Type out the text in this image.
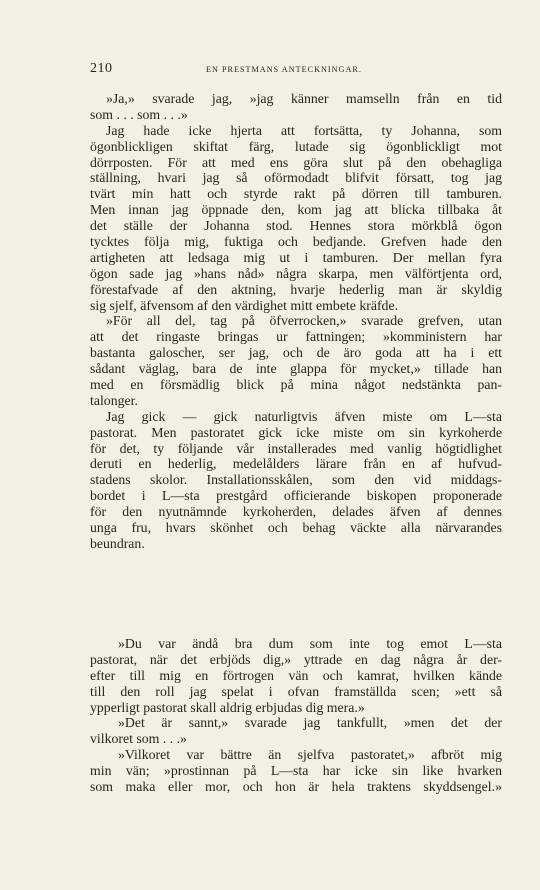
210	EN PRESTMANS ANTECKNINGAR.
»Ja,» svarade jag, »jag känner mamselln från en tid
som . . . som . . .»
Jag hade icke hjerta att fortsätta, ty Johanna, som
ögonblickligen skiftat färg, lutade sig ögonblickligt mot
dörrposten. För att med ens göra slut på den obehagliga
ställning, hvari jag så oförmodadt blifvit försatt, tog jag
tvärt min hatt och styrde rakt på dörren till tamburen.
Men innan jag öppnade den, kom jag att blicka tillbaka åt
det ställe der Johanna stod. Hennes stora mörkblå ögon
tycktes följa mig, fuktiga och bedjande. Grefven hade den
artigheten att ledsaga mig ut i tamburen. Der mellan fyra
ögon sade jag »hans nåd» några skarpa, men välförtjenta ord,
förestafvade af den aktning, hvarje hederlig man är skyldig
sig sjelf, äfvensom af den värdighet mitt embete kräfde.
»För all del, tag på öfverrocken,» svarade grefven, utan
att det ringaste bringas ur fattningen; »komministern har
bastanta galoscher, ser jag, och de äro goda att ha i ett
sådant väglag, bara de inte glappa för mycket,» tillade han
med en försmädlig blick på mina något nedstänkta pan-
talonger.
Jag gick — gick naturligtvis äfven miste om L—sta
pastorat. Men pastoratet gick icke miste om sin kyrkoherde
för det, ty följande vår installerades med vanlig högtidlighet
deruti en hederlig, medelålders lärare från en af hufvud-
stadens skolor. Installationsskålen, som den vid middags-
bordet i L—sta prestgård officierande biskopen proponerade
för den nyutnämnde kyrkoherden, delades äfven af dennes
unga fru, hvars skönhet och behag väckte alla närvarandes
beundran.
»Du var ändå bra dum som inte tog emot L—sta
pastorat, när det erbjöds dig,» yttrade en dag några år der-
efter till mig en förtrogen vän och kamrat, hvilken kände
till den roll jag spelat i ofvan framställda scen; »ett så
ypperligt pastorat skall aldrig erbjudas dig mera.»
»Det är sannt,» svarade jag tankfullt, »men det der
vilkoret som . . .»
»Vilkoret var bättre än sjelfva pastoratet,» afbröt mig
min vän; »prostinnan på L—sta har icke sin like hvarken
som maka eller mor, och hon är hela traktens skyddsengel.»
